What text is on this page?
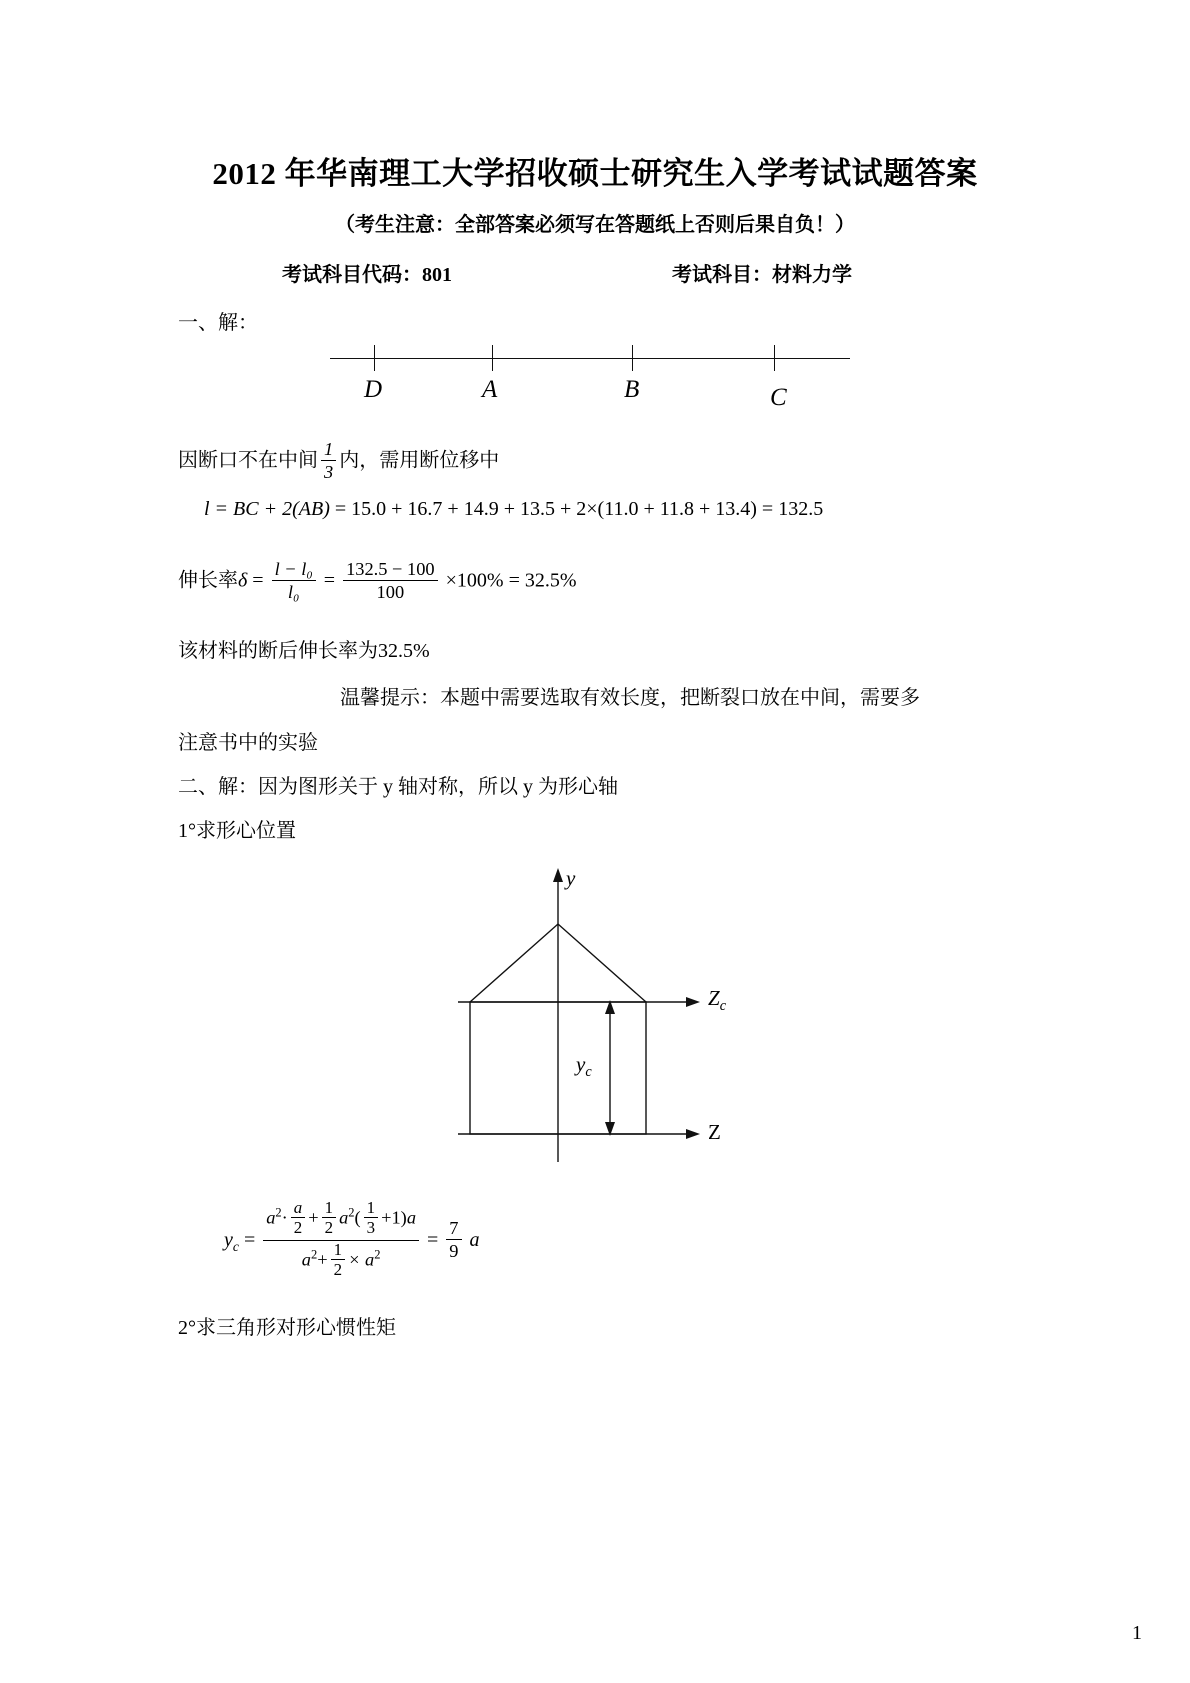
2012 年华南理工大学招收硕士研究生入学考试试题答案
（考生注意：全部答案必须写在答题纸上否则后果自负！）
考试科目代码：801	考试科目：材料力学
一、解：
D	A	B	C
因断口不在中间 $\frac{1}{3}$ 内，需用断位移中
l = BC + 2(AB) = 15.0 + 16.7 + 14.9 + 13.5 + 2×(11.0 + 11.8 + 13.4) = 132.5
伸长率$\delta = \frac{\text{l − l₀}}{\text{l₀}} = \frac{132.5 - 100}{100} \times 100\% = 32.5\%$
该材料的断后伸长率为32.5%
温馨提示：本题中需要选取有效长度，把断裂口放在中间，需要多
注意书中的实验
二、解：因为图形关于 y 轴对称，所以 y 为形心轴
1°求形心位置
y
$Z_c$
Z
$y_c$
$y_c = \frac{a^2\cdot \frac{a}{2} + \frac{1}{2} a^2( \frac{1}{3} +1)a}{a^2+ \frac{1}{2} \times a^2} = \frac{7}{9}$ a
2°求三角形对形心惯性矩
1
